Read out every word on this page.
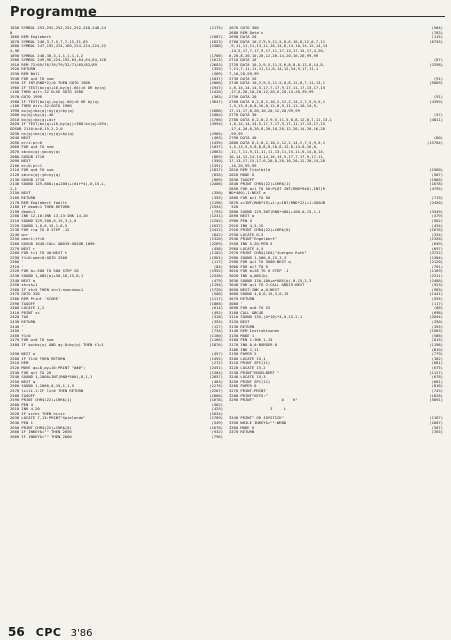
Programme
1850 SYMBOL 253,252,252,252,252,248,248,24	(1175)
0
1860 REM Englebert	(1087)
1870 SYMBOL 246,3,7,5,7,7,15,31,63	(1623)
1880 SYMBOL 247,192,224,160,224,224,224,22	(2386)
4,96
1890 SYMBOL 248,30,3,1,1,1,1,1,2	(1700)
1900 SYMBOL 249,96,224,192,64,64,64,64,128	(1613)
1910 REM 72/69/76/76/79/32/71/65/82/89	(2683)
1920 RETURN	(355)
1930 REM Ball	(509)
1940 FOR q=0 TO num	(1837)
1950 IF INT(RND*2)=0 THEN GOTO 1980	(2066)
1960 IF TEST(bx(q)+16,by(q)-60)=0 OR by(q)	(1947)
=100 THEN dir=-32 ELSE GOTO 1980	(1426)
1970 GOTO 1990	(365)
1980 IF TEST(bx(q),by(q)-60)=0 OR by(q)	(3647)
=100 THEN dir=-32:GOTO 1960
1990 ox(q)=bx(q):oy(q)=by(q)	(1688)
2000 by(q)=by(q)-48	(1084)
2010 bx(q)=bx(q)+dir	(1766)
2020 IF TEST(bx(q)+16,by(q))=388:bx(q)=294;	(3994)
GOSUB 2110:b=0,15,2,2,0
2030 nx(q)=bx(q):ny(q)=by(q)	(2965)
2040 NEXT	(463)
2050 er=1:pr=0	(1439)
2060 FOR q=0 TO num	(1837)
2070 xb=ox(q):yb=oy(q)	(2063)
2080 GOSUB 1710	(869)
2090 NEXT	(350)
2100 er=0:pr=1	(1391)
2110 FOR q=0 TO num	(1837)
2120 xb=nx(q):yb=ny(q)	(826)
2130 GOSUB 1710	(869)
2140 SOUND 129,800+(q+200)+(dir*4),0,15,1,	(2408)
1,1
2150 NEXT	(350)
2160 RETURN	(355)
2170 REM Englebert faellt	(1198)
2180 IF dead=1 THEN RETURN	(1554)
2190 dead=1	(793)
2200 INK 12,10:INK 13,13:INK 14,20	(1231)
2210 SOUND 129,200,0,15,3,1,0	(1202)
2220 SOUND 1,0,0,15,1,0,5	(1637)
2230 FOR r=q TO 0 STEP -12	(2422)
2240 q=r	(842)
2250 wee=1:tf=0	(1320)
2260 GOSUB 1640:CALL &BD19:GOSUB 1090	(2269)
2270 NEXT r	(458)
2280 FOR t=1 TO 40:NEXT t	(1102)
2290 f1=0:wee=0:GOTO 2560	(1961)
2300 '	(117)
2310 '	(84)
2320 FOR a=-500 TO 500 STEP 20	(1952)
2330 SOUND 1,ABS(a)+50,10,15,0,1	(2338)
2340 NEXT a	(479)
2350 sh=sh+1	(1194)
2360 IF sh=5 THEN sh=1:num=num+1	(1720)
2370 GOTO 330	(506)
2380 REM Print 'SCORE'	(1117)
2390 TAGOFF	(1066)
2400 LOCATE 1,2	(614)
2410 PRINT sc	(492)
2420 TAG	(318)
2430 RETURN	(355)
2440 '	(127)
2450 '	(734)
2460 f1=0	(1100)
2470 FOR w=0 TO num	(1166)
2480 IF qx=bx(w) AND qy-8=by(w) THEN f1=1	(1876)
2490 NEXT w	(457)
2500 IF f1=0 THEN RETURN	(1492)
2510 REM	(272)
2520 MOVE qx+8,qy+16:PRINT "###";	(2451)
2530 FOR q=1 TO 20	(1384)
2540 SOUND 1,1000+INT(RND*500),8,1,1	(2057)
2550 NEXT q	(463)
2560 SOUND 1,2000,0,15,1,1,5	(1276)
2570 li=li-1:IF li<0 THEN RETURN	(2267)
2580 TAGOFF	(1066)
2590 PRINT CHR$(22)+CHR$(1)	(1678)
2600 PEN 4	(562)
2610 INK 4,20	(429)
2620 IF sc>hi THEN hi=sc	(1634)
2630 LOCATE 7,13:PRINT"Spielende"	(1709)
2640 PEN 1	(549)
2650 PRINT CHR$(22)+CHR$(0)	(1676)
2660 IF INKEY$="" THEN 2650	(932)
2660 IF INKEY$="" THEN 2660	(796)
2670 GOTO 300	(504)
2680 REM Data's	(783)
2690 DATA 28	(115)
2700 DATA 10,2,9,5,11,5,8,6,10,8,12,8,7,11	(6755)
,9,11,11,11,13,11,16,14,8,14,10,14,12,14,14
,14,5,17,7,17,9,17,11,17,13,17,15,17,4,20,
6,20,8,20,10,20,12,20,14,20,16,20,99,99
2710 DATA 16	(87)
2720 DATA 10,2,9,5,11,5,6,8,8,8,12,8,14,8,	(3298)
7,11,7,11,11,11,11,8,14,12,14,9,17,11,1
7,10,20,99,99
2730 DATA 20	(91)
2740 DATA 10,2,9,5,11,5,8,8,12,8,7,11,13,1	(5009)
1,6,14,14,14,5,17,7,17,9,17,11,17,13,17,15
,17,8,20,10,20,12,20,6,20,14,20,99,99
2750 DATA 20	(91)
2760 DATA 6,2,8,2,10,2,12,2,14,2,7,5,9,5,1	(4359)
1,5,13,5,8,8,10,8,12,8,9,11,11,10,14,9,
17,11,17,8,20,10,20,12,20,99,99
2770 DATA 30	(97)
2780 DATA 6,2,8,2,9,5,11,5,8,8,12,8,7,11,13,1	(4811)
1,6,14,14,14,5,17,7,17,9,17,11,17,13,17,15
,17,4,20,6,20,8,20,10,20,12,20,14,20,16,20
,99,99
2790 DATA 40	(80)
2800 DATA 6,2,8,2,10,2,12,2,14,2,7,5,9,5,1	(15704)
1,5,13,5,5,8,8,8,8,10,8,12,8,14,8,16,8,
,11,7,11,9,11,11,11,13,11,15,11,6,14,8,14,
10,14,12,14,14,14,16,14,5,17,7,17,9,17,11,
17,13,17,15,17,6,20,8,20,10,20,12,20,14,20
,16,20,99,99
2810 REM Titelbild	(1560)
2820 MODE 0	(507)
2830 TAGOFF	(1066)
2840 PRINT CHR$(22)+CHR$(1)	(1678)
2850 FOR a=1 TO 50:PLOT INT(RND*640),INT(R	(4795)
ND*400),1:NEXT a
2860 FOR a=1 TO 50	(719)
2870 x=INT(RND*19)+1:y=INT(RND*22)+1:GOSUB	(2450)
520
2880 SOUND 129,INT(RND*400)+100,0,15,1,1	(3349)
2890 NEXT a	(479)
2900 PEN 4	(562)
2910 INK 4,5,15	(434)
2920 PRINT CHR$(22)+CHR$(0)	(1676)
2930 LOCATE 6,3	(334)
2940 PRINT"Engelbert"	(1328)
2950 INK 5,20:PEN 5	(649)
2960 LOCATE 4,5	(697)
2970 PRINT CHR$(164)"Juergen Ruth"	(3732)
2980 SOUND 1,500,0,15,3,3	(1304)
2990 FOR q=1 TO 3000:NEXT q	(2120)
3000 FOR a=7 TO 0	(761)
3010 FOR b=26 TO 0 STEP -1	(1169)
3020 INK a,ABS(b)	(2311)
3030 SOUND 130,100+a*ABS(b),0,15,2,3	(2488)
3040 FOR q=1 TO 2:CALL &BD19:NEXT	(923)
3050 NEXT:INK a,0:NEXT	(903)
3060 SOUND 4,0,0,15,3,0,15	(1441)
3070 RETURN	(555)
3080 '	(117)
3090 FOR a=0 TO 25	(88)
3100 CALL &BC4D	(698)
3110 SOUND 135,(A*10)*4,0,15,2,1	(2044)
3120 NEXT	(350)
3130 RETURN	(355)
3140 REM Instruktionen	(1563)
3150 MODE 1	(506)
3160 PEN 1:INK 1,15	(815)
3170 INK 0,0:BORDER 0	(1198)
3180 INK 2,11	(819)
3190 PAPER 2	(779)
3200 LOCATE 15,1	(182)
3210 PRINT SPC(11)	(681)
3220 LOCATE 15,2	(675)
3230 PRINT"ENGELBERT "	(1127)
3240 LOCATE 15,3	(678)
3250 PRINT SPC(11)	(681)
3260 PAPER 0	(816)
3270 PRINT:PRINT	(743)
3280 PRINT"KEYS:"	(1628)
3290 PRINT"            A    K"	(5091)
Z     L
3340 PRINT" OR JOYSTICK"	(1167)
3350 WHILE INKEY$="":WEND	(1607)
3360 MODE 0	(507)
3370 RETURN	(355)
56 CPC 3'86
